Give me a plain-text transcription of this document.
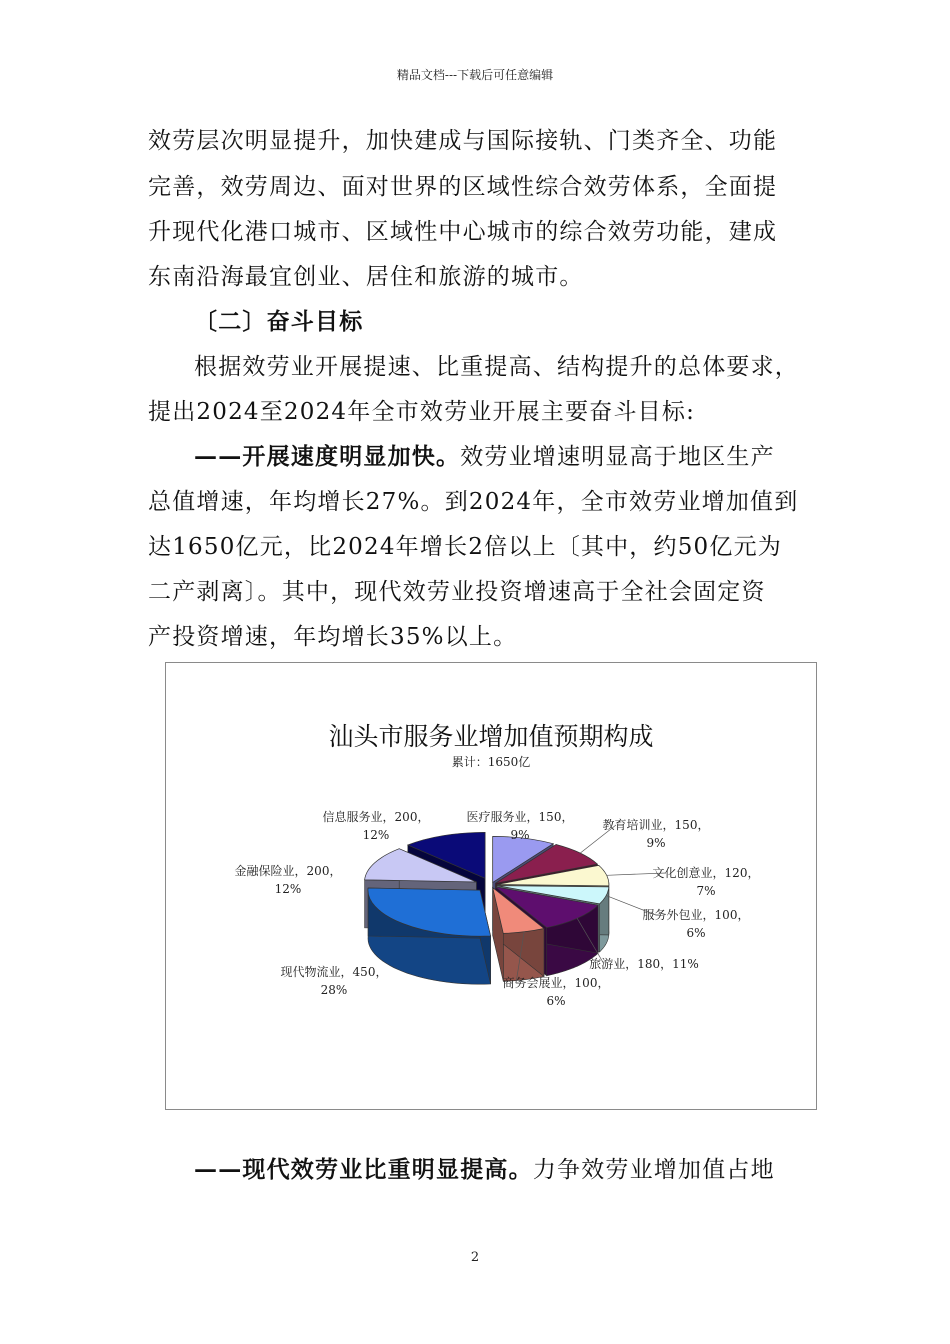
精品文档---下载后可任意编辑
效劳层次明显提升，加快建成与国际接轨、门类齐全、功能
完善，效劳周边、面对世界的区域性综合效劳体系，全面提
升现代化港口城市、区域性中心城市的综合效劳功能，建成
东南沿海最宜创业、居住和旅游的城市。
〔二〕奋斗目标
根据效劳业开展提速、比重提高、结构提升的总体要求，
提出2024至2024年全市效劳业开展主要奋斗目标:
——开展速度明显加快。效劳业增速明显高于地区生产
总值增速，年均增长27%。到2024年，全市效劳业增加值到
达1650亿元，比2024年增长2倍以上〔其中，约50亿元为
二产剥离〕。其中，现代效劳业投资增速高于全社会固定资
产投资增速，年均增长35%以上。
汕头市服务业增加值预期构成
累计：1650亿
医疗服务业，150，
9%
教育培训业，150，
9%
文化创意业，120，
7%
服务外包业，100，
6%
旅游业，180，11%
商务会展业，100，
6%
现代物流业，450，
28%
金融保险业，200，
12%
信息服务业，200，
12%
——现代效劳业比重明显提高。力争效劳业增加值占地
2
